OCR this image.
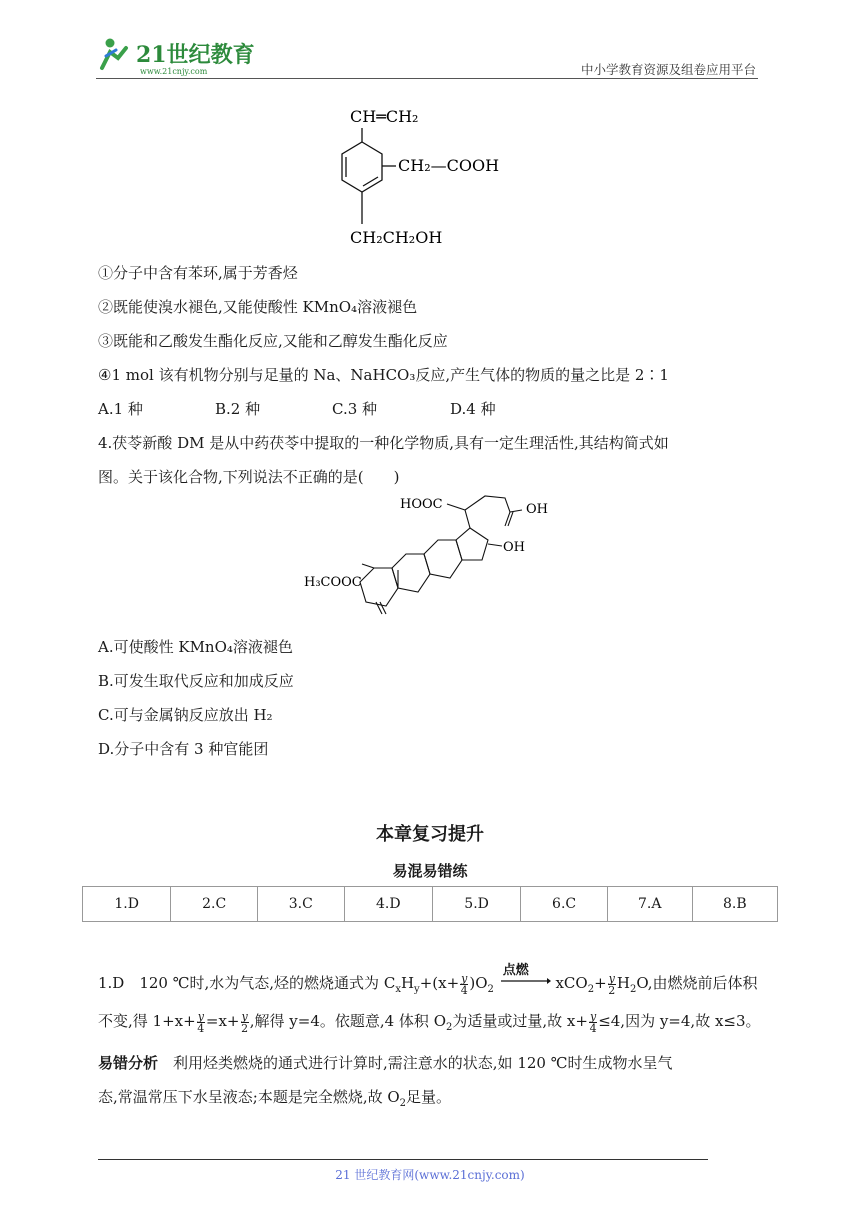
21世纪教育
www.21cnjy.com	中小学教育资源及组卷应用平台
CH═CH₂
CH₂—COOH
CH₂CH₂OH
①分子中含有苯环,属于芳香烃
②既能使溴水褪色,又能使酸性 KMnO₄溶液褪色
③既能和乙酸发生酯化反应,又能和乙醇发生酯化反应
④1 mol 该有机物分别与足量的 Na、NaHCO₃反应,产生气体的物质的量之比是 2∶1
A.1 种	B.2 种	C.3 种	D.4 种
4.茯苓新酸 DM 是从中药茯苓中提取的一种化学物质,具有一定生理活性,其结构简式如
图。关于该化合物,下列说法不正确的是(　　)
HOOC	OH
OH
H₃COOC
A.可使酸性 KMnO₄溶液褪色
B.可发生取代反应和加成反应
C.可与金属钠反应放出 H₂
D.分子中含有 3 种官能团
本章复习提升
易混易错练
1.D	2.C	3.C	4.D	5.D	6.C	7.A	8.B
1.D　120 ℃时,水为气态,烃的燃烧通式为 $C_xH_y+(x+ \frac{y}{4} )O_2$
点燃
$xCO_2+ \frac{y}{2} H_2O$,由燃烧前后体积
不变,得 $1+x+ \frac{y}{4} =x+ \frac{y}{2}$ ,解得 y=4。依题意,4 体积 $O_2$为适量或过量,故 $x+ \frac{y}{4} \le 4$,因为 y=4,故 x≤3。
易错分析　利用烃类燃烧的通式进行计算时,需注意水的状态,如 120 ℃时生成物水呈气
态,常温常压下水呈液态;本题是完全燃烧,故 $O_2$足量。
21 世纪教育网(www.21cnjy.com)
